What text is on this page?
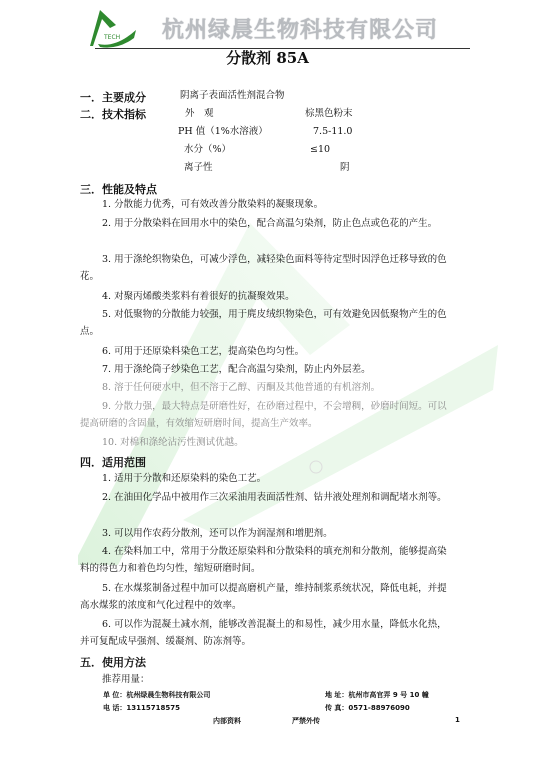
TECH 杭州绿晨生物科技有限公司
分散剂 85A
一．主要成分	阴离子表面活性剂混合物
二．技术指标	外　观	棕黑色粉末
PH 值（1%水溶液）	7.5-11.0
水分（%）	≤10
离子性	阴
三．性能及特点
1. 分散能力优秀，可有效改善分散染料的凝聚现象。
2. 用于分散染料在回用水中的染色，配合高温匀染剂，防止色点或色花的产生。
3. 用于涤纶织物染色，可减少浮色，减轻染色面料等待定型时因浮色迁移导致的色花。
4. 对聚丙烯酸类浆料有着很好的抗凝聚效果。
5. 对低聚物的分散能力较强，用于麂皮绒织物染色，可有效避免因低聚物产生的色点。
6. 可用于还原染料染色工艺，提高染色均匀性。
7. 用于涤纶筒子纱染色工艺，配合高温匀染剂，防止内外层差。
8. 溶于任何硬水中，但不溶于乙醇、丙酮及其他普通的有机溶剂。
9. 分散力强，最大特点是研磨性好，在砂磨过程中，不会增稠，砂磨时间短。可以提高研磨的含固量，有效缩短研磨时间，提高生产效率。
10. 对棉和涤纶沾污性测试优越。
四．适用范围
1. 适用于分散和还原染料的染色工艺。
2. 在油田化学品中被用作三次采油用表面活性剂、钻井液处理剂和调配堵水剂等。
3. 可以用作农药分散剂，还可以作为润湿剂和增肥剂。
4. 在染料加工中，常用于分散还原染料和分散染料的填充剂和分散剂，能够提高染料的得色力和着色均匀性，缩短研磨时间。
5. 在水煤浆制备过程中加可以提高磨机产量，维持制浆系统状况，降低电耗，并提高水煤浆的浓度和气化过程中的效率。
6. 可以作为混凝土减水剂，能够改善混凝土的和易性，减少用水量，降低水化热，并可复配成早强剂、缓凝剂、防冻剂等。
五．使用方法
推荐用量：
单 位：杭州绿晨生物科技有限公司	地 址：杭州市高官弄 9 号 10 幢
电 话：13115718575	传 真：0571-88976090
内部资料	严禁外传	1
